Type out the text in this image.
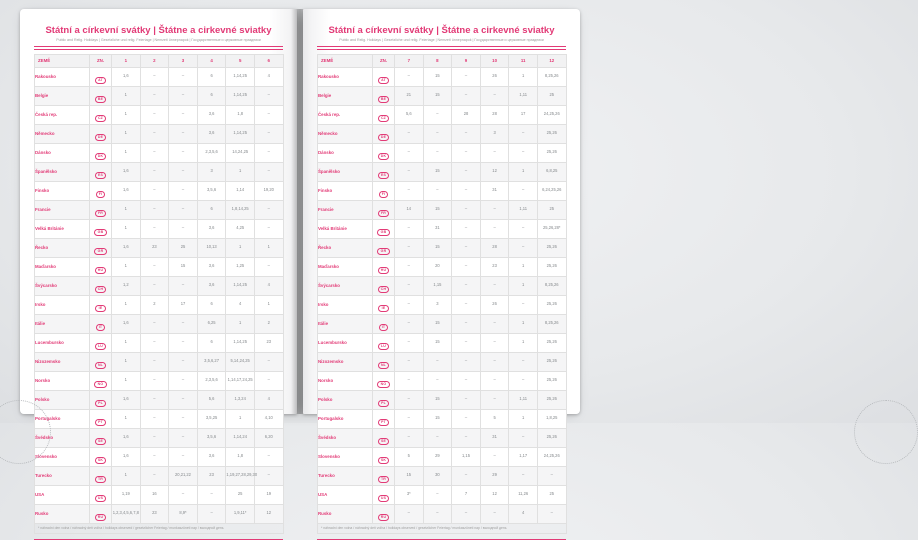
Státní a církevní svátky | Štátne a cirkevné sviatky
Public and Relig. Holidays | Gesetzliche und relig. Feiertage | Nemzeti ünnepnapok | Государственные и церковные праздники
ZEMĚ	ZN.	1	2	3	4	5	6
Rakousko	AT	1,6	–	–	6	1,14,25	4
Belgie	BE	1	–	–	6	1,14,25	–
Česká rep.	CZ	1	–	–	3,6	1,8	–
Německo	DE	1	–	–	3,6	1,14,25	–
Dánsko	DK	1	–	–	2,3,5,6	14,24,25	–
Španělsko	ES	1,6	–	–	3	1	–
Finsko	FI	1,6	–	–	3,5,6	1,14	19,20
Francie	FR	1	–	–	6	1,8,14,25	–
Velká Británie	GB	1	–	–	3,6	4,25	–
Řecko	GR	1,6	23	25	10,13	1	1
Maďarsko	HU	1	–	15	3,6	1,25	–
Švýcarsko	CH	1,2	–	–	3,6	1,14,25	4
Irsko	IE	1	2	17	6	4	1
Itálie	IT	1,6	–	–	6,25	1	2
Lucembursko	LU	1	–	–	6	1,14,25	23
Nizozemsko	NL	1	–	–	3,5,6,27	5,14,24,25	–
Norsko	NO	1	–	–	2,3,5,6	1,14,17,24,25	–
Polsko	PL	1,6	–	–	5,6	1,3,24	4
Portugalsko	PT	1	–	–	3,5,25	1	4,10
Švédsko	SE	1,6	–	–	3,5,6	1,14,24	6,20
Slovensko	SK	1,6	–	–	3,6	1,8	–
Turecko	TR	1	–	20,21,22	23	1,19,27,28,29,30	–
USA	US	1,19	16	–	–	25	19
Rusko	RU	1,2,3,4,5,6,7,8	23	8,9*	–	1,9,11*	12
* náhradní den volna / náhradný deň voľna / holidays observed / gesetzlicher Feiertag / munkaszüneti nap / выходной день							
Státní a církevní svátky | Štátne a cirkevné sviatky
Public and Relig. Holidays | Gesetzliche und relig. Feiertage | Nemzeti ünnepnapok | Государственные и церковные праздники
ZEMĚ	ZN.	7	8	9	10	11	12
Rakousko	AT	–	15	–	26	1	8,25,26
Belgie	BE	21	15	–	–	1,11	25
Česká rep.	CZ	5,6	–	28	28	17	24,25,26
Německo	DE	–	–	–	3	–	25,26
Dánsko	DK	–	–	–	–	–	25,26
Španělsko	ES	–	15	–	12	1	6,8,25
Finsko	FI	–	–	–	31	–	6,24,25,26
Francie	FR	14	15	–	–	1,11	25
Velká Británie	GB	–	31	–	–	–	25,26,28*
Řecko	GR	–	15	–	28	–	25,26
Maďarsko	HU	–	20	–	23	1	25,26
Švýcarsko	CH	–	1,15	–	–	1	8,25,26
Irsko	IE	–	3	–	26	–	25,26
Itálie	IT	–	15	–	–	1	8,25,26
Lucembursko	LU	–	15	–	–	1	25,26
Nizozemsko	NL	–	–	–	–	–	25,26
Norsko	NO	–	–	–	–	–	25,26
Polsko	PL	–	15	–	–	1,11	25,26
Portugalsko	PT	–	15	–	5	1	1,8,25
Švédsko	SE	–	–	–	31	–	25,26
Slovensko	SK	5	29	1,15	–	1,17	24,25,26
Turecko	TR	15	30	–	29	–	–
USA	US	3*	–	7	12	11,26	25
Rusko	RU	–	–	–	–	4	–
* náhradní den volna / náhradný deň voľna / holidays observed / gesetzlicher Feiertag / munkaszüneti nap / выходной день							
